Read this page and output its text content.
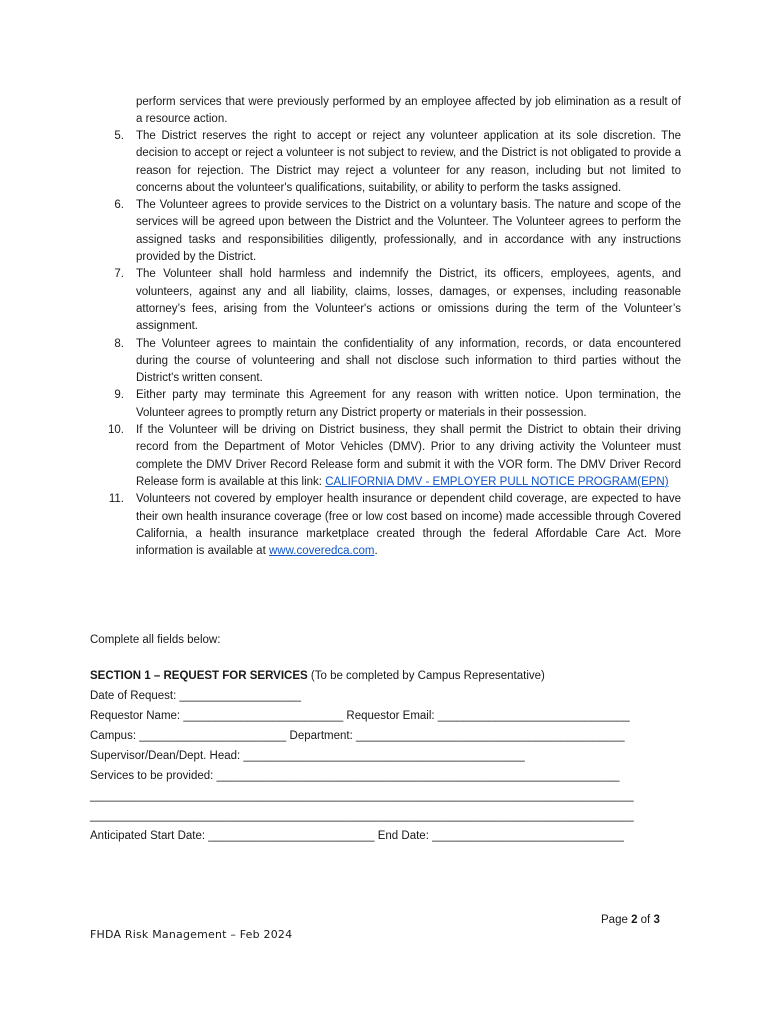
perform services that were previously performed by an employee affected by job elimination as a result of a resource action.

5. The District reserves the right to accept or reject any volunteer application at its sole discretion. The decision to accept or reject a volunteer is not subject to review, and the District is not obligated to provide a reason for rejection. The District may reject a volunteer for any reason, including but not limited to concerns about the volunteer's qualifications, suitability, or ability to perform the tasks assigned.
6. The Volunteer agrees to provide services to the District on a voluntary basis. The nature and scope of the services will be agreed upon between the District and the Volunteer. The Volunteer agrees to perform the assigned tasks and responsibilities diligently, professionally, and in accordance with any instructions provided by the District.
7. The Volunteer shall hold harmless and indemnify the District, its officers, employees, agents, and volunteers, against any and all liability, claims, losses, damages, or expenses, including reasonable attorney’s fees, arising from the Volunteer's actions or omissions during the term of the Volunteer’s assignment.
8. The Volunteer agrees to maintain the confidentiality of any information, records, or data encountered during the course of volunteering and shall not disclose such information to third parties without the District's written consent.
9. Either party may terminate this Agreement for any reason with written notice. Upon termination, the Volunteer agrees to promptly return any District property or materials in their possession.
10. If the Volunteer will be driving on District business, they shall permit the District to obtain their driving record from the Department of Motor Vehicles (DMV). Prior to any driving activity the Volunteer must complete the DMV Driver Record Release form and submit it with the VOR form. The DMV Driver Record Release form is available at this link: CALIFORNIA DMV - EMPLOYER PULL NOTICE PROGRAM(EPN)
11. Volunteers not covered by employer health insurance or dependent child coverage, are expected to have their own health insurance coverage (free or low cost based on income) made accessible through Covered California, a health insurance marketplace created through the federal Affordable Care Act. More information is available at www.coveredca.com.

Complete all fields below:

SECTION 1 – REQUEST FOR SERVICES (To be completed by Campus Representative)
Date of Request: ___________________
Requestor Name: _________________________ Requestor Email: ______________________________
Campus: _______________________ Department: __________________________________________
Supervisor/Dean/Dept. Head: ____________________________________________
Services to be provided: _______________________________________________________________
_____________________________________________________________________________________
_____________________________________________________________________________________
Anticipated Start Date: __________________________ End Date: ______________________________
Page 2 of 3
FHDA Risk Management – Feb 2024
